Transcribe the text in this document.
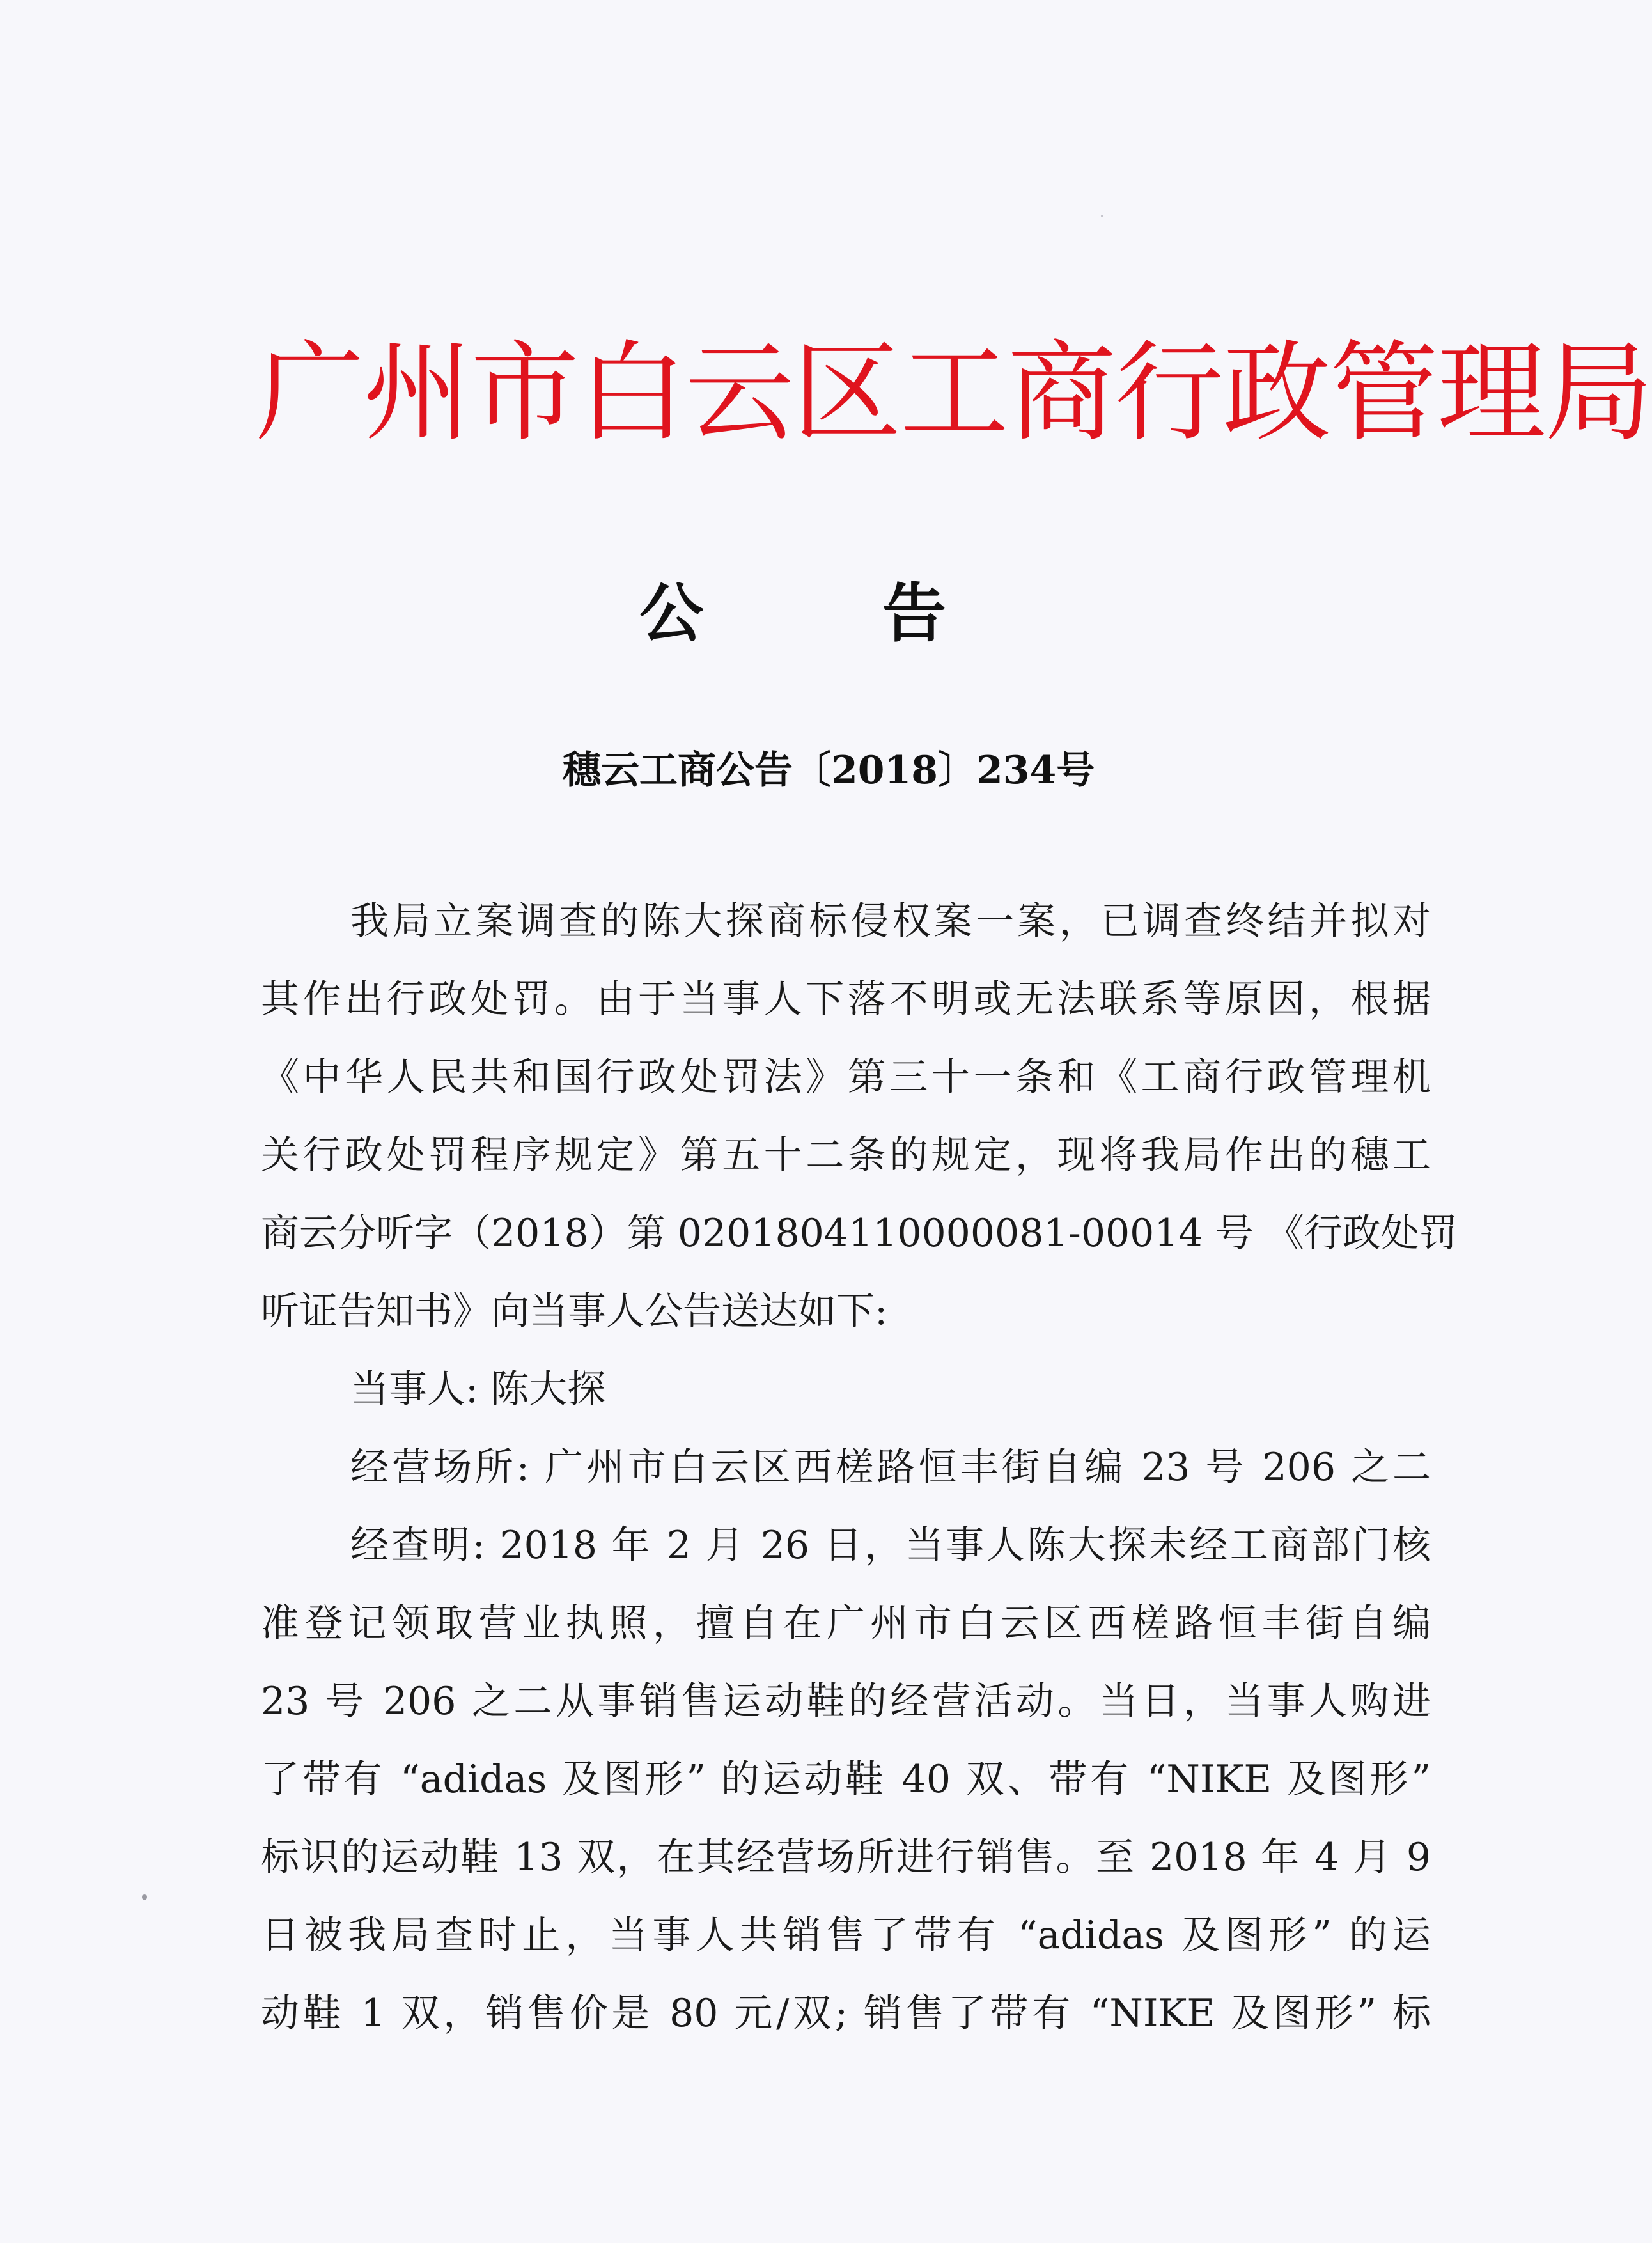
广州市白云区工商行政管理局
公告

穗云工商公告〔2018〕234号

我局立案调查的陈大探商标侵权案一案，已调查终结并拟对

其作出行政处罚。由于当事人下落不明或无法联系等原因，根据

《中华人民共和国行政处罚法》第三十一条和《工商行政管理机

关行政处罚程序规定》第五十二条的规定，现将我局作出的穗工

商云分听字（2018）第 0201804110000081-00014 号 《行政处罚

听证告知书》向当事人公告送达如下:

当事人: 陈大探

经营场所: 广州市白云区西槎路恒丰街自编 23 号 206 之二

经查明: 2018 年 2 月 26 日，当事人陈大探未经工商部门核

准登记领取营业执照，擅自在广州市白云区西槎路恒丰街自编

23 号 206 之二从事销售运动鞋的经营活动。当日，当事人购进

了带有 “adidas 及图形” 的运动鞋 40 双、带有 “NIKE 及图形”

标识的运动鞋 13 双，在其经营场所进行销售。至 2018 年 4 月 9

日被我局查时止，当事人共销售了带有 “adidas 及图形” 的运

动鞋 1 双，销售价是 80 元/双; 销售了带有 “NIKE 及图形” 标
